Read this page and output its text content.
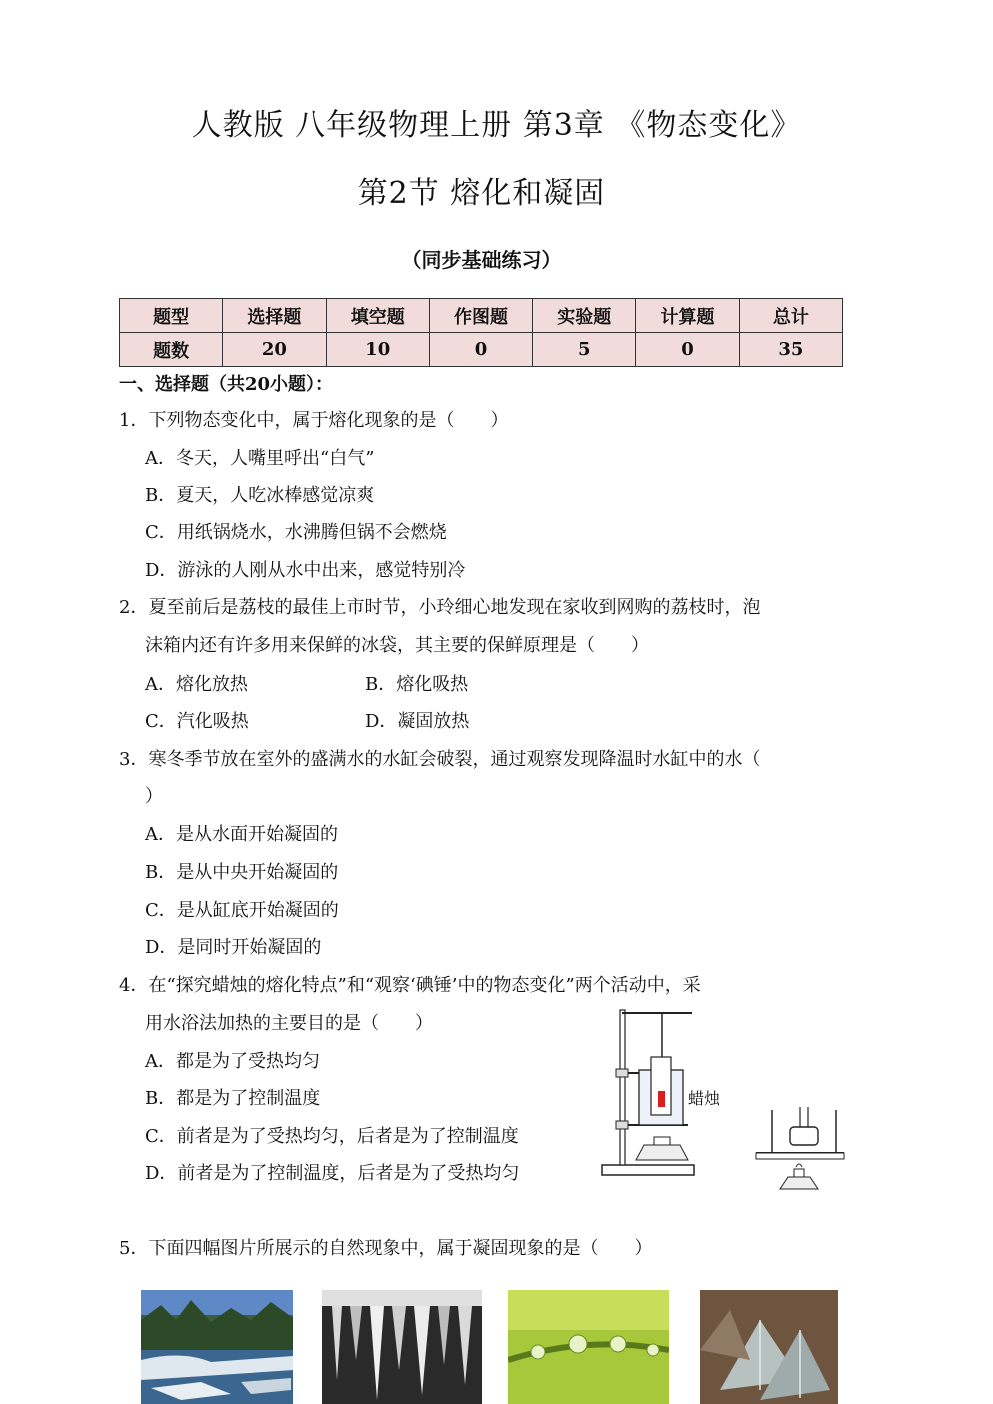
人教版 八年级物理上册 第3章 《物态变化》
第2节 熔化和凝固
（同步基础练习）
题型	选择题	填空题	作图题	实验题	计算题	总计
题数	20	10	0	5	0	35
一、选择题（共20小题）：
1．下列物态变化中，属于熔化现象的是（　　）
A．冬天，人嘴里呼出“白气”
B．夏天，人吃冰棒感觉凉爽
C．用纸锅烧水，水沸腾但锅不会燃烧
D．游泳的人刚从水中出来，感觉特别冷
2．夏至前后是荔枝的最佳上市时节，小玲细心地发现在家收到网购的荔枝时，泡
沫箱内还有许多用来保鲜的冰袋，其主要的保鲜原理是（　　）
A．熔化放热	B．熔化吸热
C．汽化吸热	D．凝固放热
3．寒冬季节放在室外的盛满水的水缸会破裂，通过观察发现降温时水缸中的水（
）
A．是从水面开始凝固的
B．是从中央开始凝固的
C．是从缸底开始凝固的
D．是同时开始凝固的
4．在“探究蜡烛的熔化特点”和“观察‘碘锤’中的物态变化”两个活动中，采
用水浴法加热的主要目的是（　　）
A．都是为了受热均匀
B．都是为了控制温度
C．前者是为了受热均匀，后者是为了控制温度
D．前者是为了控制温度，后者是为了受热均匀
蜡烛
5．下面四幅图片所展示的自然现象中，属于凝固现象的是（　　）
